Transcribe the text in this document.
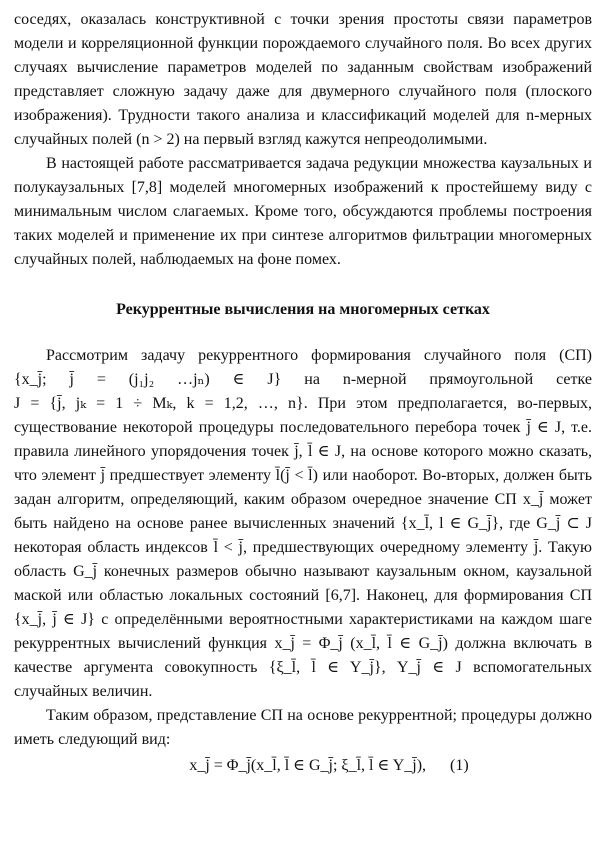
соседях, оказалась конструктивной с точки зрения простоты связи параметров модели и корреляционной функции порождаемого случайного поля. Во всех других случаях вычисление параметров моделей по заданным свойствам изображений представляет сложную задачу даже для двумерного случайного поля (плоского изображения). Трудности такого анализа и классификаций моделей для n-мерных случайных полей (n > 2) на первый взгляд кажутся непреодолимыми.

В настоящей работе рассматривается задача редукции множества каузальных и полукаузальных [7,8] моделей многомерных изображений к простейшему виду с минимальным числом слагаемых. Кроме того, обсуждаются проблемы построения таких моделей и применение их при синтезе алгоритмов фильтрации многомерных случайных полей, наблюдаемых на фоне помех.

Рекуррентные вычисления на многомерных сетках

Рассмотрим задачу рекуррентного формирования случайного поля (СП) {x_j̄; j̄ = (j₁j₂ …jₙ) ∈ J} на n-мерной прямоугольной сетке J = {j̄, jₖ = 1 ÷ Mₖ, k = 1,2, …, n}. При этом предполагается, во-первых, существование некоторой процедуры последовательного перебора точек j̄ ∈ J, т.е. правила линейного упорядочения точек j̄, l̄ ∈ J, на основе которого можно сказать, что элемент j̄ предшествует элементу l̄(j̄ < l̄) или наоборот. Во-вторых, должен быть задан алгоритм, определяющий, каким образом очередное значение СП x_j̄ может быть найдено на основе ранее вычисленных значений {x_l̄, l ∈ G_j̄}, где G_j̄ ⊂ J некоторая область индексов l̄ < j̄, предшествующих очередному элементу j̄. Такую область G_j̄ конечных размеров обычно называют каузальным окном, каузальной маской или областью локальных состояний [6,7]. Наконец, для формирования СП {x_j̄, j̄ ∈ J} с определёнными вероятностными характеристиками на каждом шаге рекуррентных вычислений функция x_j̄ = Φ_j̄ (x_l̄, l̄ ∈ G_j̄) должна включать в качестве аргумента совокупность {ξ_l̄, l̄ ∈ Y_j̄}, Y_j̄ ∈ J вспомогательных случайных величин.

Таким образом, представление СП на основе рекуррентной; процедуры должно иметь следующий вид:

x_j̄ = Φ_j̄(x_l̄, l̄ ∈ G_j̄; ξ_l̄, l̄ ∈ Y_j̄), (1)
